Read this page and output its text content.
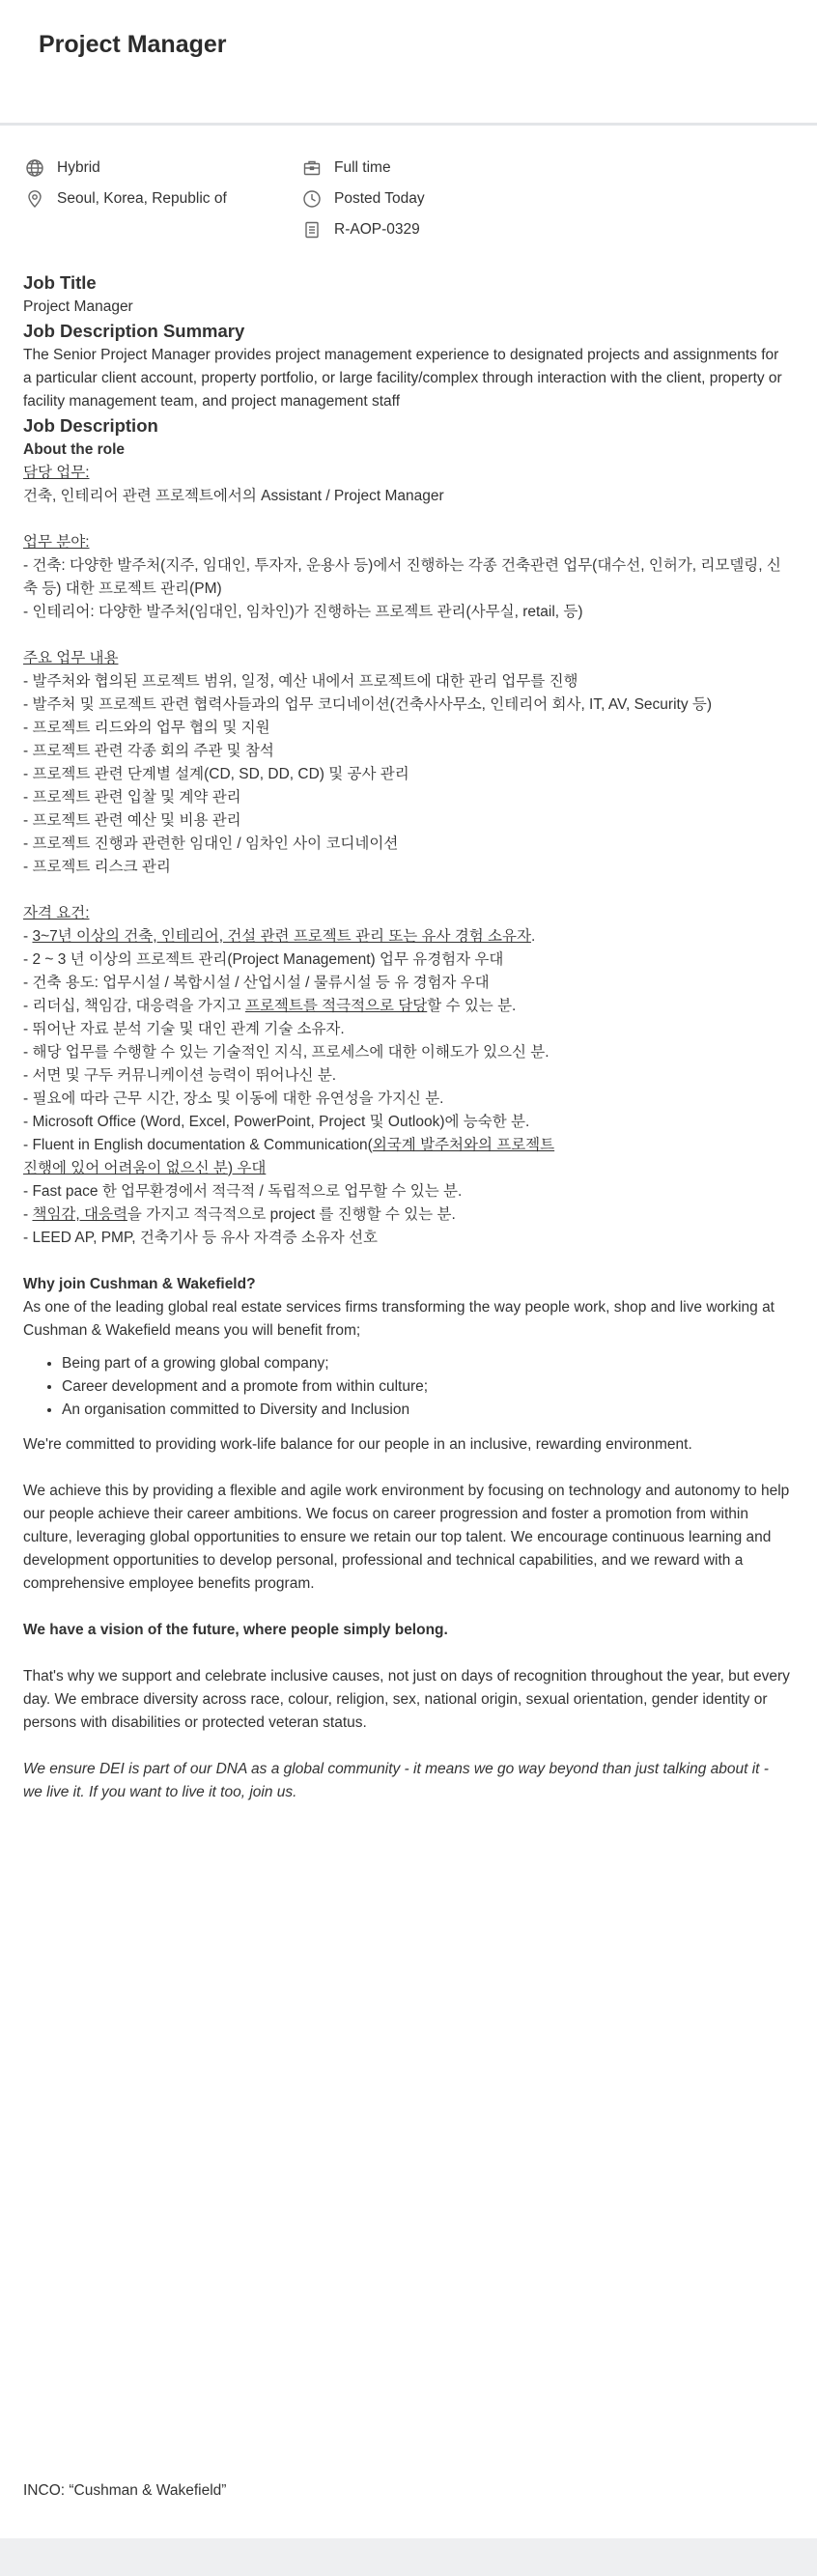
Project Manager
Hybrid
Seoul, Korea, Republic of
Full time
Posted Today
R-AOP-0329
Job Title
Project Manager
Job Description Summary

The Senior Project Manager provides project management experience to designated projects and assignments for a particular client account, property portfolio, or large facility/complex through interaction with the client, property or facility management team, and project management staff

Job Description
About the role
담당 업무:
건축, 인테리어 관련 프로젝트에서의 Assistant / Project Manager
업무 분야:
- 건축: 다양한 발주처(지주, 임대인, 투자자, 운용사 등)에서 진행하는 각종 건축관련 업무(대수선, 인허가, 리모델링, 신축 등) 대한 프로젝트 관리(PM)
- 인테리어: 다양한 발주처(임대인, 임차인)가 진행하는 프로젝트 관리(사무실, retail, 등)
주요 업무 내용
- 발주처와 협의된 프로젝트 범위, 일정, 예산 내에서 프로젝트에 대한 관리 업무를 진행
- 발주처 및 프로젝트 관련 협력사들과의 업무 코디네이션(건축사사무소, 인테리어 회사, IT, AV, Security 등)
- 프로젝트 리드와의 업무 협의 및 지원
- 프로젝트 관련 각종 회의 주관 및 참석
- 프로젝트 관련 단계별 설계(CD, SD, DD, CD) 및 공사 관리
- 프로젝트 관련 입찰 및 계약 관리
- 프로젝트 관련 예산 및 비용 관리
- 프로젝트 진행과 관련한 임대인 / 임차인 사이 코디네이션
- 프로젝트 리스크 관리
자격 요건:
- 3~7년 이상의 건축, 인테리어, 건설 관련 프로젝트 관리 또는 유사 경험 소유자.
- 2 ~ 3 년 이상의 프로젝트 관리(Project Management) 업무 유경험자 우대
- 건축 용도: 업무시설 / 복합시설 / 산업시설 / 물류시설 등 유 경험자 우대
- 리더십, 책임감, 대응력을 가지고 프로젝트를 적극적으로 담당할 수 있는 분.
- 뛰어난 자료 분석 기술 및 대인 관계 기술 소유자.
- 해당 업무를 수행할 수 있는 기술적인 지식, 프로세스에 대한 이해도가 있으신 분.
- 서면 및 구두 커뮤니케이션 능력이 뛰어나신 분.
- 필요에 따라 근무 시간, 장소 및 이동에 대한 유연성을 가지신 분.
- Microsoft Office (Word, Excel, PowerPoint, Project 및 Outlook)에 능숙한 분.
- Fluent in English documentation & Communication(외국계 발주처와의 프로젝트
진행에 있어 어려움이 없으신 분) 우대
- Fast pace 한 업무환경에서 적극적 / 독립적으로 업무할 수 있는 분.
- 책임감, 대응력을 가지고 적극적으로 project 를 진행할 수 있는 분.
- LEED AP, PMP, 건축기사 등 유사 자격증 소유자 선호
Why join Cushman & Wakefield?

As one of the leading global real estate services firms transforming the way people work, shop and live working at Cushman & Wakefield means you will benefit from;

• Being part of a growing global company;
• Career development and a promote from within culture;
• An organisation committed to Diversity and Inclusion

We're committed to providing work-life balance for our people in an inclusive, rewarding environment.

We achieve this by providing a flexible and agile work environment by focusing on technology and autonomy to help our people achieve their career ambitions. We focus on career progression and foster a promotion from within culture, leveraging global opportunities to ensure we retain our top talent. We encourage continuous learning and development opportunities to develop personal, professional and technical capabilities, and we reward with a comprehensive employee benefits program.

We have a vision of the future, where people simply belong.

That's why we support and celebrate inclusive causes, not just on days of recognition throughout the year, but every day. We embrace diversity across race, colour, religion, sex, national origin, sexual orientation, gender identity or persons with disabilities or protected veteran status.

We ensure DEI is part of our DNA as a global community - it means we go way beyond than just talking about it - we live it. If you want to live it too, join us.

INCO: “Cushman & Wakefield”
